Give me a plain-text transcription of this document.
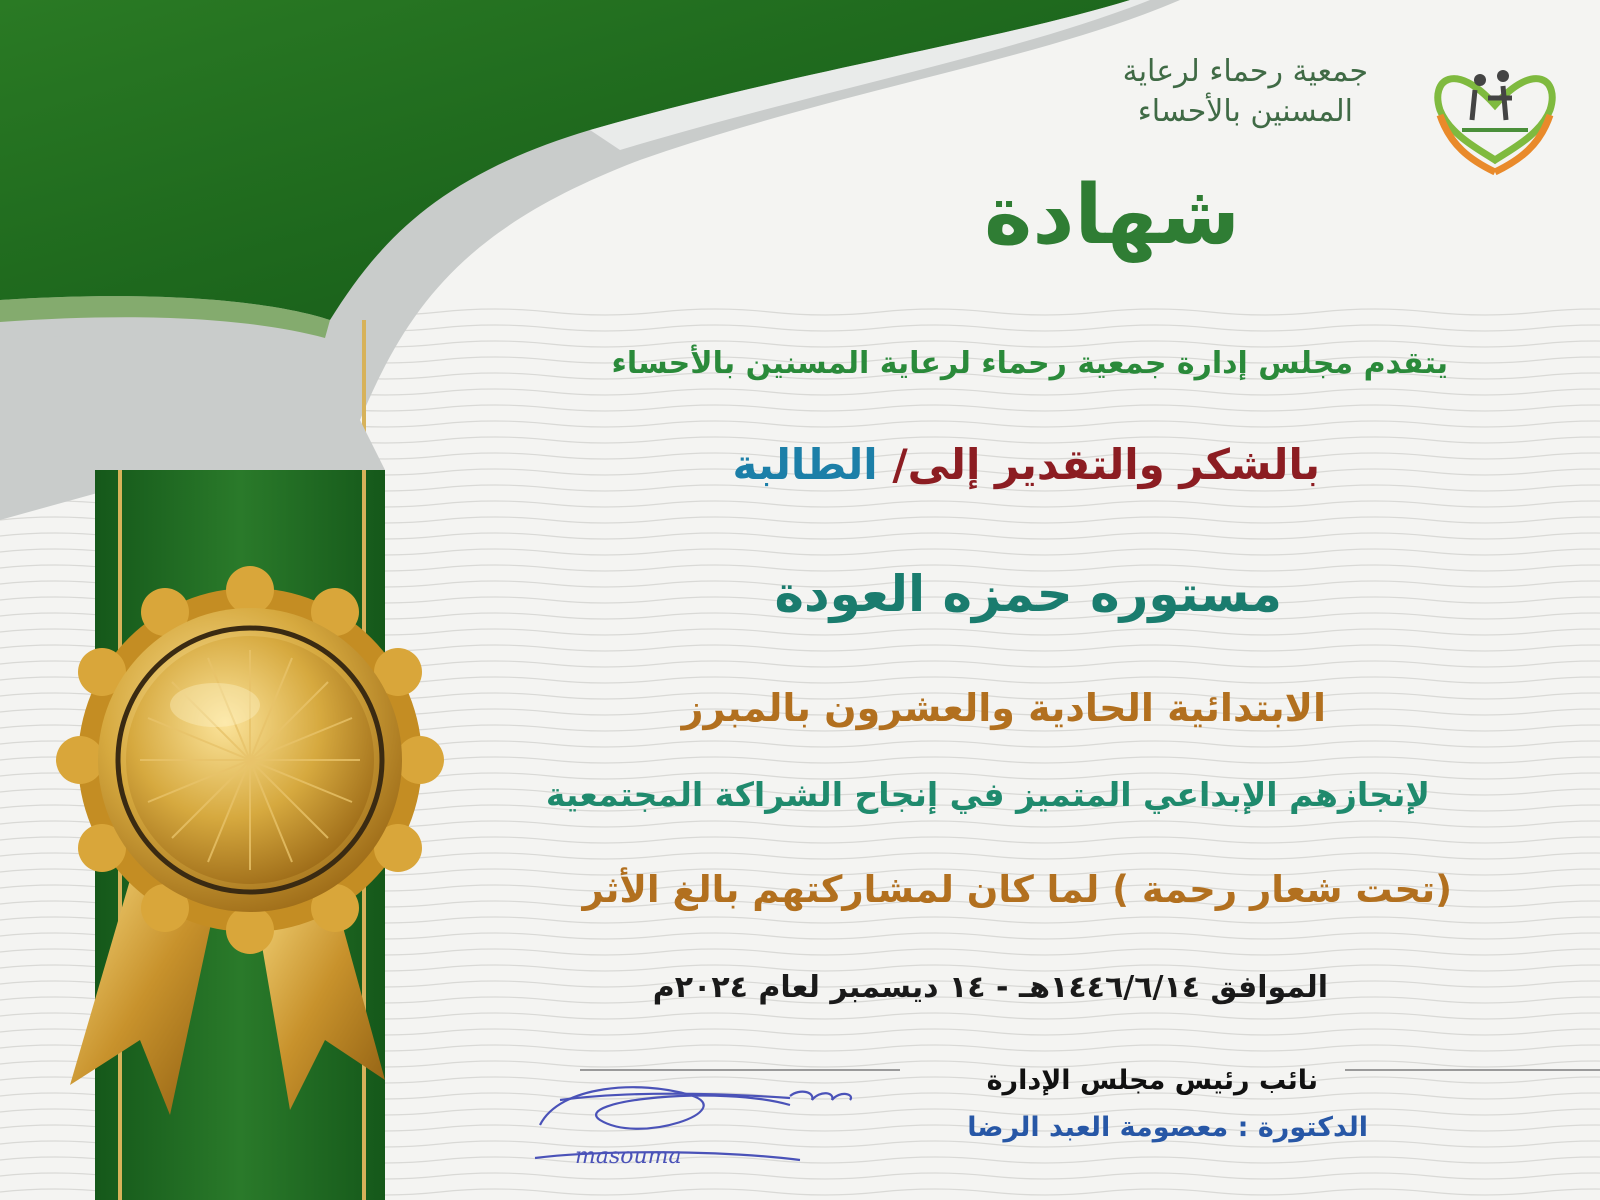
masouma
جمعية رحماء لرعاية
المسنين بالأحساء
شهادة
يتقدم مجلس إدارة جمعية رحماء لرعاية المسنين بالأحساء
بالشكر والتقدير إلى/ الطالبة
مستوره حمزه العودة
الابتدائية الحادية والعشرون بالمبرز
لإنجازهم الإبداعي المتميز في إنجاح الشراكة المجتمعية
(تحت شعار رحمة ) لما كان لمشاركتهم بالغ الأثر
الموافق ١٤٤٦/٦/١٤هـ - ١٤ ديسمبر لعام ٢٠٢٤م
نائب رئيس مجلس الإدارة
الدكتورة : معصومة العبد الرضا
